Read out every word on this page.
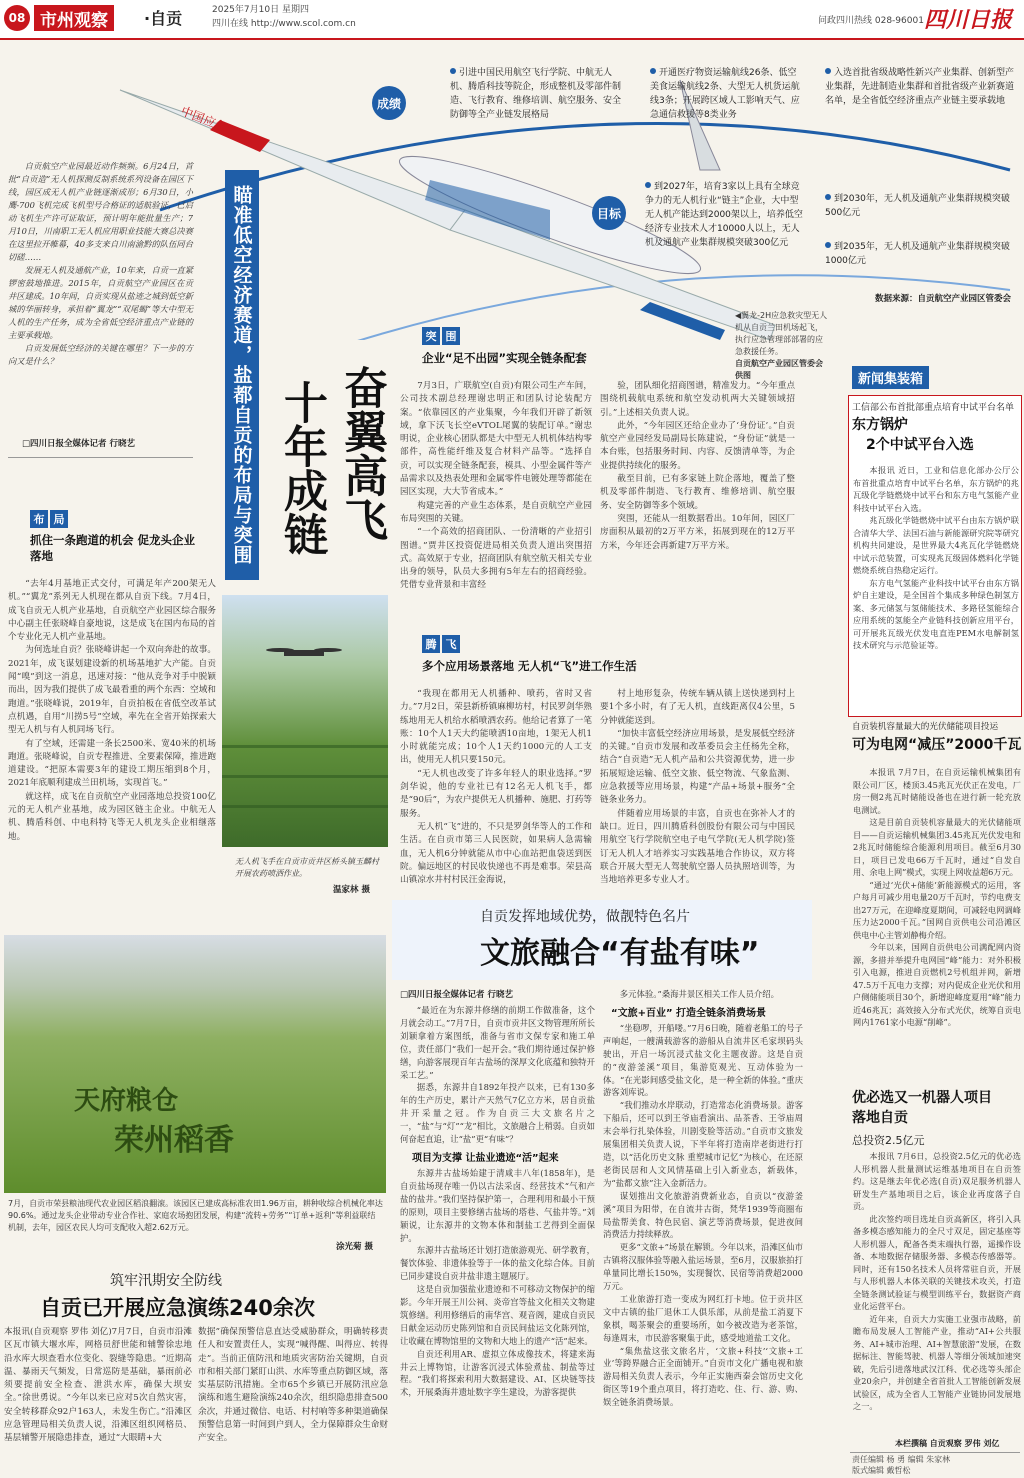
08 市州观察	·自贡	2025年7月10日 星期四
四川在线 http://www.scol.com.cn	问政四川热线 028-96001 四川日报
中国应急
成绩
目标
引进中国民用航空飞行学院、中航无人机、腾盾科技等院企，形成整机及零部件制造、飞行教育、维修培训、航空服务、安全防御等全产业链发展格局
开通医疗物资运输航线26条、低空美食运输航线2条、大型无人机货运航线3条；开展跨区域人工影响天气、应急通信救援等8类业务
入选首批省级战略性新兴产业集群、创新型产业集群，先进制造业集群和首批省级产业新赛道名单，是全省低空经济重点产业链主要承载地
到2027年，培育3家以上具有全球竞争力的无人机行业“链主”企业，大中型无人机产能达到2000架以上，培养低空经济专业技术人才10000人以上，无人机及通航产业集群规模突破300亿元
到2030年，无人机及通航产业集群规模突破500亿元
到2035年，无人机及通航产业集群规模突破1000亿元
数据来源：自贡航空产业园区管委会
◀翼龙-2H应急救灾型无人机从自贡兰田机场起飞，执行应急管理部部署的应急救援任务。
自贡航空产业园区管委会供图
奋翼高飞
十年成链
瞄准低空经济赛道，盐都自贡的布局与突围

自贡航空产业园最近动作频频。6月24日，首批“自贡造”无人机探测反制系统系列设备在园区下线，园区成无人机产业链逐渐成形；6月30日，小鹰-700飞机完成飞机型号合格证的适航验证，已启动飞机生产许可证取证，预计明年能批量生产；7月10日，川南职工无人机应用职业技能大赛总决赛在这里拉开帷幕，40多支来自川南渝黔的队伍同台切磋……

发展无人机及通航产业，10年来，自贡一直紧锣密鼓地推进。2015年，自贡航空产业园区在贡井区建成。10年间，自贡实现从盐迹之城到低空新城的华丽转身，承担着“翼龙”“双尾蝎”等大中型无人机的生产任务，成为全省低空经济重点产业链的主要承载地。

自贡发展低空经济的关键在哪里？下一步的方向又是什么？

□四川日报全媒体记者 行晓艺
布 局
抓住一条跑道的机会 促龙头企业落地

“去年4月基地正式交付，可满足年产200架无人机。”“翼龙”系列无人机现在都从自贡下线。7月4日，成飞自贡无人机产业基地，自贡航空产业园区综合服务中心副主任张晓峰自豪地说，这是成飞在国内布局的首个专业化无人机产业基地。

为何选址自贡？张晓峰讲起一个双向奔赴的故事。2021年，成飞谋划建设新的机场基地扩大产能。自贡闻“嗅”到这一消息，迅速对接：“他从竞争对手中脱颖而出，因为我们提供了成飞最看重的两个东西：空域和跑道。”张晓峰说，2019年，自贡拍板在省低空改革试点机遇，自用“川捞5号”空域，率先在全省开始探索大型无人机与有人机同场飞行。

有了空域，还需建一条长2500米、宽40米的机场跑道。张晓峰说，自贡专程推进、全要素保障，推进跑道建设。“把原本需要3年的建设工期压缩到8个月，2021年底顺利建成兰田机场，实现首飞。”

就这样，成飞在自贡航空产业园落地总投资100亿元的无人机产业基地，成为园区链主企业。中航无人机、腾盾科创、中电科特飞等无人机龙头企业相继落地。

突 围
企业“足不出园”实现全链条配套

7月3日，广联航空(自贡)有限公司生产车间，公司技术副总经理谢忠明正和团队讨论装配方案。“依靠园区的产业集聚，今年我们开辟了新领域，拿下沃飞长空eVTOL尾翼的装配订单。”谢忠明说，企业核心团队都是大中型无人机机体结构零部件，高性能纤维及复合材料产品等。“选择自贡，可以实现全链条配套，模具、小型金属件等产品需求以及热表处理和金属零件电镀处理等都能在园区实现，大大节省成本。”

构建完善的产业生态体系，是自贡航空产业园布局突围的关键。

“一个高效的招商团队、一份清晰的产业招引图谱。”贾井区投资促进局相关负责人道出突围招式。高效原于专业，招商团队有航空航天相关专业出身的领导，队员大多拥有5年左右的招商经验。凭借专业背景和丰富经

验，团队细化招商图谱，精准发力。“今年重点围绕机载航电系统和航空发动机两大关键领域招引。”上述相关负责人说。

此外，“今年园区还给企业办了‘身份证’。”自贡航空产业园经发局副局长陈建说，“身份证”就是一本台账，包括服务时间、内容、反馈清单等，为企业提供持续化的服务。

截至目前，已有多家链上院企落地，覆盖了整机及零部件制造、飞行教育、维修培训、航空服务、安全防御等多个领域。

突围，还能从一组数据看出。10年间，园区厂房面积从最初的2万平方米，拓展到现在的12万平方米，今年还会再新建7万平方米。

无人机飞手在自贡市贡井区桥头镇玉麟村开展农药喷洒作业。
温家林 摄
腾 飞
多个应用场景落地 无人机“飞”进工作生活

“我现在都用无人机播种、喷药，省时又省力。”7月2日，荣县新桥镇麻柳坊村，村民罗剑华熟练地用无人机给水稻喷洒农药。他给记者算了一笔账：10个人1天大约能喷洒10亩地，1架无人机1小时就能完成；10个人1天约1000元的人工支出，使用无人机只要150元。

“无人机也改变了许多年轻人的职业选择。”罗剑华说，他的专业社已有12名无人机飞手，都是“90后”，为农户提供无人机播种、施肥、打药等服务。

无人机“飞”进的，不只是罗剑华等人的工作和生活。在自贡市第三人民医院，如果病人急需输血，无人机6分钟就能从市中心血站把血袋送到医院。偏远地区的村民收快递也不再是难事。荣县高山镇凉水井村村民汪金海说，

村上地形复杂，传统车辆从镇上送快递到村上要1个多小时，有了无人机，直线距离仅4公里，5分钟就能送到。

“加快丰富低空经济应用场景，是发展低空经济的关键。”自贡市发展和改革委员会主任杨先全称，结合“自贡造”无人机产品和公共资源优势，进一步拓展短途运输、低空文旅、低空物流、气象监测、应急救援等应用场景，构建“产品+场景+服务”全链条业务力。

伴随着应用场景的丰富，自贡也在弥补人才的缺口。近日，四川腾盾科创股份有限公司与中国民用航空飞行学院航空电子电气学院(无人机学院)签订无人机人才培养实习实践基地合作协议，双方将联合开展大型无人驾驶航空器人员执照培训等，为当地培养更多专业人才。

天府粮仓
荣州稻香
7月，自贡市荣县粮油现代农业园区稻浪翻滚。该园区已建成高标准农田1.96万亩，耕种收综合机械化率达90.6%。通过龙头企业带动专业合作社、家庭农场抱团发展，构建“流转+劳务”“订单+返利”等利益联结机制，去年，园区农民人均可支配收入超2.62万元。
涂光菊 摄
筑牢汛期安全防线
自贡已开展应急演练240余次
本报讯(自贡观察 罗伟 刘亿)7月7日，自贡市沿滩区瓦市镇大堰水库，网格员舒世能和辅警徐忠地沿水库大坝查看水位变化、裂缝等隐患。“近期高温、暴雨天气频发，日常巡防是基础，暴雨前必须要提前安全检查、泄洪水库，确保大坝安全。”徐世勇说。“今年以来已应对5次自然灾害，安全转移群众92户163人，未发生伤亡。”沿滩区应急管理局相关负责人说，沿滩区组织网格员、基层辅警开展隐患排查，通过“大眼睛+大
数据”确保预警信息直达受威胁群众，明确转移责任人和安置责任人，实现“喊得醒、叫得应、转得走”。当前正值防汛和地质灾害防治关键期，自贡市和相关部门紧盯山洪、水库等重点防御区域，落实基层防汛措施。全市65个乡镇已开展防汛应急演练和逃生避险演练240余次，组织隐患排查500余次，并通过微信、电话、村村响等多种渠道确保预警信息第一时间到户到人，全力保障群众生命财产安全。
自贡发挥地域优势，做靓特色名片
文旅融合“有盐有味”
□四川日报全媒体记者 行晓艺

“最近在为东源井修缮的前期工作做准备，这个月就会动工。”7月7日，自贡市贡井区文物管理所所长刘颖拿着方案图纸，准备与省市文保专家和施工单位，责任部门“我们一起开会。”我们期待通过保护修缮，向游客展现百年古盐场的深厚文化底蕴和独特开采工艺。”

据悉，东源井自1892年投产以来，已有130多年的生产历史，累计产天然气7亿立方米，居自贡盐井开采量之冠。作为自贡三大文旅名片之一，“盐”与“灯”“龙”相比，文旅融合上稍弱。自贡如何奋起直追，让“盐”更“有味”？

项目为支撑 让盐业遗迹“活”起来

东源井古盐场始建于清咸丰八年(1858年)，是自贡盐场现存唯一仍以古法采卤、经营技术“气和产盐的盐井。”我们坚持保护第一，合理利用和最小干预的原则，项目主要修缮古盐场的塔巷、气盐井等。”刘颖说，让东源井的文物本体和制盐工艺得到全面保护。

东源井古盐场还计划打造旅游观光、研学教育，餐饮体验、非遗体验等于一体的盐文化综合体。目前已同步建设自贡井盐非遗主题展厅。

这是自贡加强盐业遗迹和不可移动文物保护的缩影。今年开展王川公祠、炎帝宫等盐文化相关文物建筑修缮。利用修缮后的南华宫、观音阁，建成自贡民日献金运动历史陈列馆和自贡民间盐运文化陈列馆，让收藏在博物馆里的文物和大地上的遗产“活”起来。

自贡还利用AR、虚拟立体成像技术，将建来海井云上博物馆，让游客沉浸式体验煮盐、制盐等过程。“我们将探索利用大数据建设、AI、区块链等技术，开展桑海井遗址数字孪生建设，为游客提供

多元体验。”桑海井景区相关工作人员介绍。

“文旅+百业” 打造全链条消费场景

“坐稳啰，开船喽。”7月6日晚，随着老船工的号子声响起，一艘满载游客的游船从自流井区毛家坝码头驶出，开启一场沉浸式盐文化主题夜游。这是自贡的“夜游釜溪”项目，集游览观光、互动体验为一体。“在光影间感受盐文化，是一种全新的体验。”重庆游客刘库说。

“我们推动水岸联动，打造常态化消费场景。游客下船后，还可以到王爷庙看演出、品茶香、王爷庙周末会举行扎染体验，川剧变脸等活动。”自贡市文旅发展集团相关负责人说，下半年将打造南岸老街进行打造，以“活化历史文脉 重塑城市记忆”为核心，在还原老街民居和人文风情基础上引入新业态，新载体，为“盐都文旅”注入金新活力。

谋划推出文化旅游消费新业态，自贡以“夜游釜溪”项目为阳带，在自流井古街，梵华1939等商圈布局盐帮美食、特色民宿、演艺等消费场景，促进夜间消费活力持续释放。

更多“文旅+”场景在解锁。今年以来，沿滩区仙市古镇将汉服体验等融入盐运场景，至6月，汉服旅拍打单量同比增长150%，实现餐饮、民宿等消费超2000万元。

工业旅游打造一变成为网红打卡地。位于贡井区文中古镇的盐厂退休工人俱乐部，从前是盐工消夏下象棋，喝茶聚会的重要场所，如今被改造为老茶馆，每逢周末，市民游客聚集于此，感受地道盐工文化。

“集焦盐这张文旅名片，‘文旅+科技’‘文旅+工业’等跨界融合正全面铺开。”自贡市文化广播电视和旅游局相关负责人表示，今年正实施西秦会馆历史文化街区等19个重点项目，将打造吃、住、行、游、购、娱全链条消费场景。

新闻集装箱
工信部公布首批部重点培育中试平台名单
东方锅炉
2个中试平台入选

本报讯 近日，工业和信息化部办公厅公布首批重点培育中试平台名单，东方锅炉的兆瓦级化学链燃烧中试平台和东方电气氢能产业科技中试平台入选。

兆瓦级化学链燃烧中试平台由东方锅炉联合清华大学、法国石油与新能源研究院等研究机构共同建设，是世界最大4兆瓦化学链燃烧中试示范装置，可实现兆瓦级固体燃料化学链燃烧系统自热稳定运行。

东方电气氢能产业科技中试平台由东方锅炉自主建设，是全国首个集成多种绿色制氢方案、多元储氢与氢储能技术、多路径氢能综合应用系统的氢能全产业链科技创新应用平台，可开展兆瓦级光伏发电直连PEM水电解制氢技术研究与示范验证等。

自贡装机容量最大的光伏储能项目投运
可为电网“减压”2000千瓦

本报讯 7月7日，在自贡运输机械集团有限公司厂区，楼顶3.45兆瓦光伏正在发电，厂房一侧2兆瓦时储能设备也在进行新一轮充放电测试。

这是目前自贡装机容量最大的光伏储能项目——自贡运输机械集团3.45兆瓦光伏发电和2兆瓦时储能综合能源利用项目。截至6月30日，项目已发电66万千瓦时，通过“自发自用、余电上网”模式，实现上网收益超6万元。

“通过‘光伏+储能’新能源模式的运用，客户每月可减少用电量20万千瓦时，节约电费支出27万元，在迎峰度夏期间，可减轻电网调峰压力达2000千瓦。”国网自贡供电公司沿滩区供电中心主管刘静梅介绍。

今年以来，国网自贡供电公司满配网内资源，多措并举提升电网国“峰”能力：对外积极引入电源，推进自贡燃机2号机组并网，新增47.5万千瓦电力支撑；对内促成企业光伏和用户侧储能项目30个，新增迎峰度夏用“峰”能力近46兆瓦；高效接入分布式光伏，统筹自贡电网内1761家小电源“削峰”。

优必选又一机器人项目
落地自贡
总投资2.5亿元

本报讯 7月6日，总投资2.5亿元的优必选人形机器人批量测试运维基地项目在自贡签约。这是继去年优必选(自贡)双足服务机器人研发生产基地项目之后，该企业再度落子自贡。

此次签约项目选址自贡高新区，将引入具备多模态感知能力的全尺寸双足，固定基座等人形机器人，配备各类末端执行器，遥操作设备、本地数据存储服务器、多模态传感器等。同时，还有150名技术人员将常驻自贡，开展与人形机器人本体关联的关键技术攻关，打造全链条测试验证与模型训练平台，数据资产商业化运营平台。

近年来，自贡大力实施工业强市战略，前瞻布局发展人工智能产业，推动“AI+公共服务、AI+城市治理、AI+智慧旅游”发展，在数据标注、智能驾驶、机器人等细分领域加速突破，先后引进落地武汉江科、优必选等头部企业20余户，并创建全省首批人工智能创新发展试验区，成为全省人工智能产业链协同发展地之一。

本栏撰稿 自贡观察 罗伟 刘亿
责任编辑 杨 勇 编辑 朱家林
版式编辑 戴哲松
